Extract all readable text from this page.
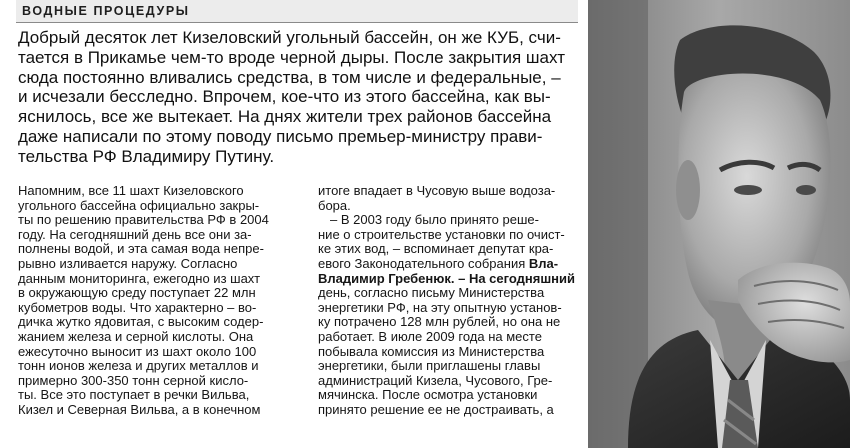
ВОДНЫЕ ПРОЦЕДУРЫ
Добрый десяток лет Кизеловский угольный бассейн, он же КУБ, счи-
тается в Прикамье чем-то вроде черной дыры. После закрытия шахт
сюда постоянно вливались средства, в том числе и федеральные, –
и исчезали бесследно. Впрочем, кое-что из этого бассейна, как вы-
яснилось, все же вытекает. На днях жители трех районов бассейна
даже написали по этому поводу письмо премьер-министру прави-
тельства РФ Владимиру Путину.
Напомним, все 11 шахт Кизеловского
угольного бассейна официально закры-
ты по решению правительства РФ в 2004
году. На сегодняшний день все они за-
полнены водой, и эта самая вода непре-
рывно изливается наружу. Согласно
данным мониторинга, ежегодно из шахт
в окружающую среду поступает 22 млн
кубометров воды. Что характерно – во-
дичка жутко ядовитая, с высоким содер-
жанием железа и серной кислоты. Она
ежесуточно выносит из шахт около 100
тонн ионов железа и других металлов и
примерно 300-350 тонн серной кисло-
ты. Все это поступает в речки Вильва,
Кизел и Северная Вильва, а в конечном
итоге впадает в Чусовую выше водоза-
бора.
– В 2003 году было принято реше-
ние о строительстве установки по очист-
ке этих вод, – вспоминает депутат кра-
евого Законодательного собрания Вла-
Владимир Гребенюк. – На сегодняшний
день, согласно письму Министерства
энергетики РФ, на эту опытную установ-
ку потрачено 128 млн рублей, но она не
работает. В июле 2009 года на месте
побывала комиссия из Министерства
энергетики, были приглашены главы
администраций Кизела, Чусового, Гре-
мячинска. После осмотра установки
принято решение ее не достраивать, а
